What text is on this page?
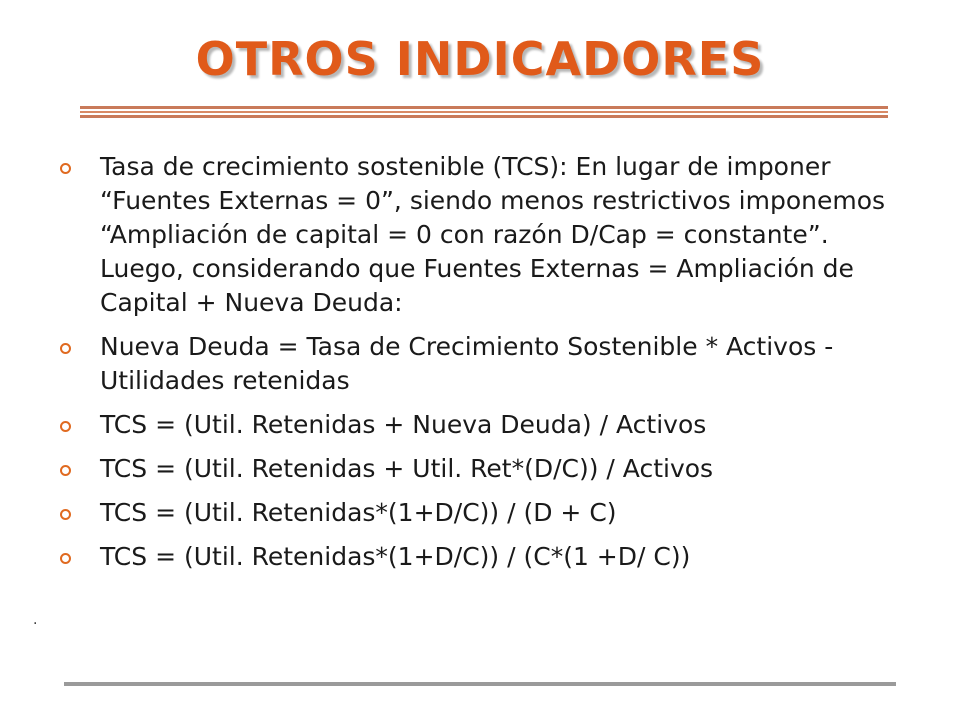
OTROS INDICADORES
Tasa de crecimiento sostenible (TCS): En lugar de imponer “Fuentes Externas = 0”, siendo menos restrictivos imponemos “Ampliación de capital = 0 con razón D/Cap = constante”. Luego, considerando que Fuentes Externas = Ampliación de Capital + Nueva Deuda:
Nueva Deuda = Tasa de Crecimiento Sostenible * Activos - Utilidades retenidas
TCS = (Util. Retenidas + Nueva Deuda) / Activos
TCS = (Util. Retenidas + Util. Ret*(D/C)) / Activos
TCS = (Util. Retenidas*(1+D/C)) / (D + C)
TCS = (Util. Retenidas*(1+D/C)) / (C*(1 +D/ C))
.
